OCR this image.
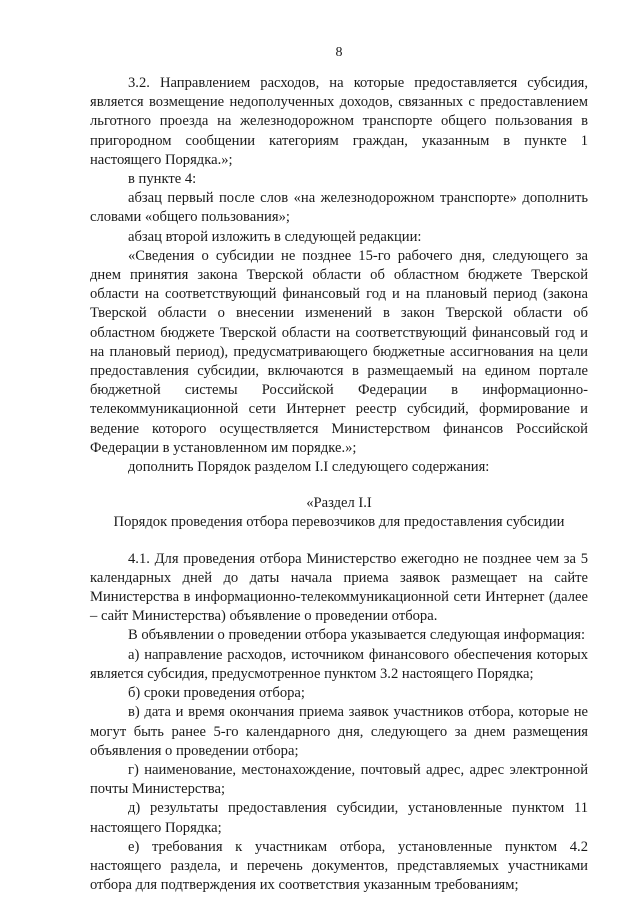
8

3.2. Направлением расходов, на которые предоставляется субсидия, является возмещение недополученных доходов, связанных с предоставлением льготного проезда на железнодорожном транспорте общего пользования в пригородном сообщении категориям граждан, указанным в пункте 1 настоящего Порядка.»;

в пункте 4:

абзац первый после слов «на железнодорожном транспорте» дополнить словами «общего пользования»;

абзац второй изложить в следующей редакции:

«Сведения о субсидии не позднее 15-го рабочего дня, следующего за днем принятия закона Тверской области об областном бюджете Тверской области на соответствующий финансовый год и на плановый период (закона Тверской области о внесении изменений в закон Тверской области об областном бюджете Тверской области на соответствующий финансовый год и на плановый период), предусматривающего бюджетные ассигнования на цели предоставления субсидии, включаются в размещаемый на едином портале бюджетной системы Российской Федерации в информационно-телекоммуникационной сети Интернет реестр субсидий, формирование и ведение которого осуществляется Министерством финансов Российской Федерации в установленном им порядке.»;

дополнить Порядок разделом I.I следующего содержания:

«Раздел I.I

Порядок проведения отбора перевозчиков для предоставления субсидии

4.1. Для проведения отбора Министерство ежегодно не позднее чем за 5 календарных дней до даты начала приема заявок размещает на сайте Министерства в информационно-телекоммуникационной сети Интернет (далее – сайт Министерства) объявление о проведении отбора.

В объявлении о проведении отбора указывается следующая информация:

а) направление расходов, источником финансового обеспечения которых является субсидия, предусмотренное пунктом 3.2 настоящего Порядка;

б) сроки проведения отбора;

в) дата и время окончания приема заявок участников отбора, которые не могут быть ранее 5-го календарного дня, следующего за днем размещения объявления о проведении отбора;

г) наименование, местонахождение, почтовый адрес, адрес электронной почты Министерства;

д) результаты предоставления субсидии, установленные пунктом 11 настоящего Порядка;

е) требования к участникам отбора, установленные пунктом 4.2 настоящего раздела, и перечень документов, представляемых участниками отбора для подтверждения их соответствия указанным требованиям;
